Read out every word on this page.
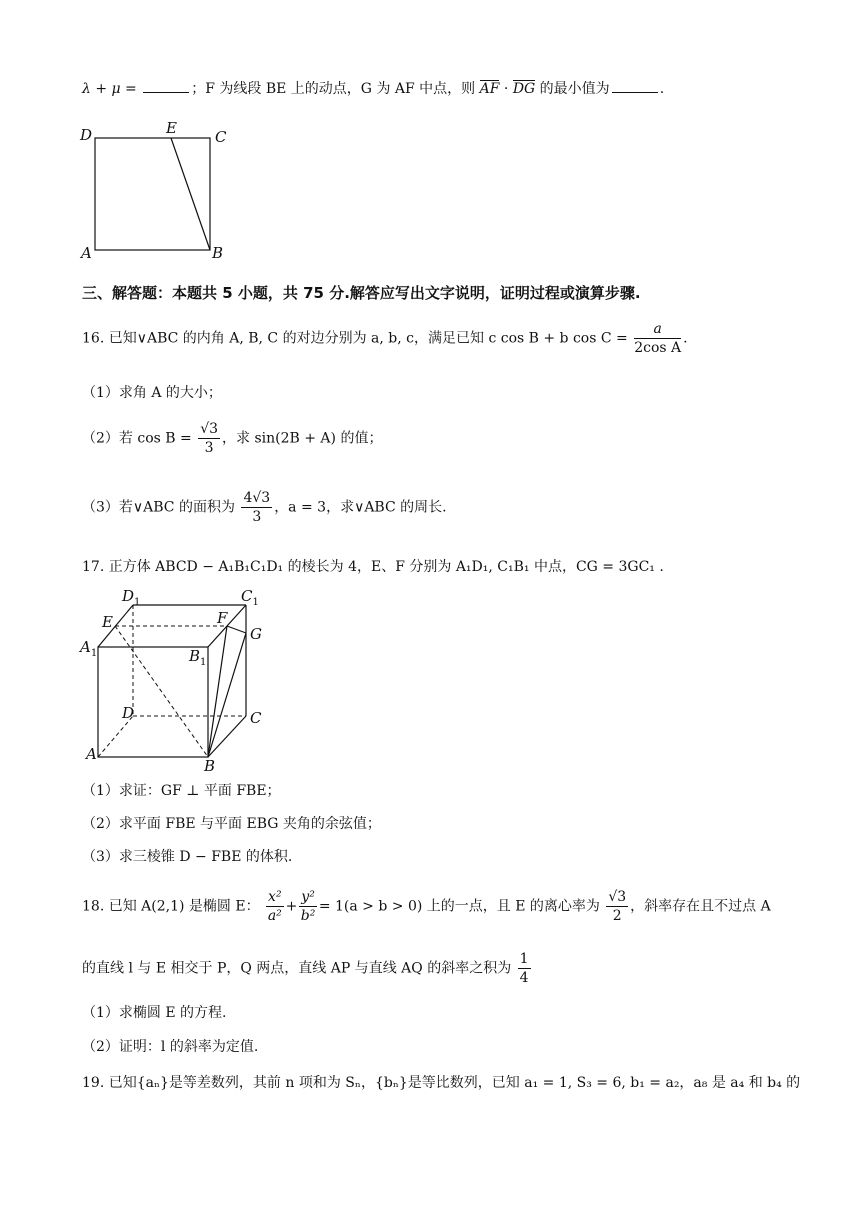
λ + μ =	；F 为线段 BE 上的动点，G 为 AF 中点，则 AF · DG 的最小值为	.
D	E	C
A	B
三、解答题：本题共 5 小题，共 75 分.解答应写出文字说明，证明过程或演算步骤.
16. 已知∨ABC 的内角 A, B, C 的对边分别为 a, b, c，满足已知 c cos B + b $\cos C = \frac{a}{\text{2cos A}}$ .
（1）求角 A 的大小；
（2）若 $\cos B = \frac{√3}{3}$ ，求 sin(2B + A) 的值；
（3）若∨ABC 的面积为 $\frac{4√3}{3}$ ，a = 3，求∨ABC 的周长.
17. 正方体 ABCD − A₁B₁C₁D₁ 的棱长为 4，E、F 分别为 A₁D₁, C₁B₁ 中点，CG = 3GC₁ .
$D_1$	$C_1$
E	F
G
$A_1$	$B_1$
D	C
A
B
（1）求证：GF ⊥ 平面 FBE；
（2）求平面 FBE 与平面 EBG 夹角的余弦值；
（3）求三棱锥 D − FBE 的体积.
18. 已知 A(2,1) 是椭圆 E： $\frac{\text{x²}}{\text{a²}} + \frac{\text{y²}}{\text{b²}} = 1(a > b > 0)$ 上的一点，且 E 的离心率为 $\frac{√3}{2}$ ，斜率存在且不过点 A
的直线 l 与 E 相交于 P，Q 两点，直线 AP 与直线 AQ 的斜率之积为 $\frac{1}{4}$
（1）求椭圆 E 的方程.
（2）证明：l 的斜率为定值.
19. 已知{aₙ}是等差数列，其前 n 项和为 Sₙ，{bₙ}是等比数列，已知 a₁ = 1, S₃ = 6, b₁ = a₂，a₈ 是 a₄ 和 b₄ 的
